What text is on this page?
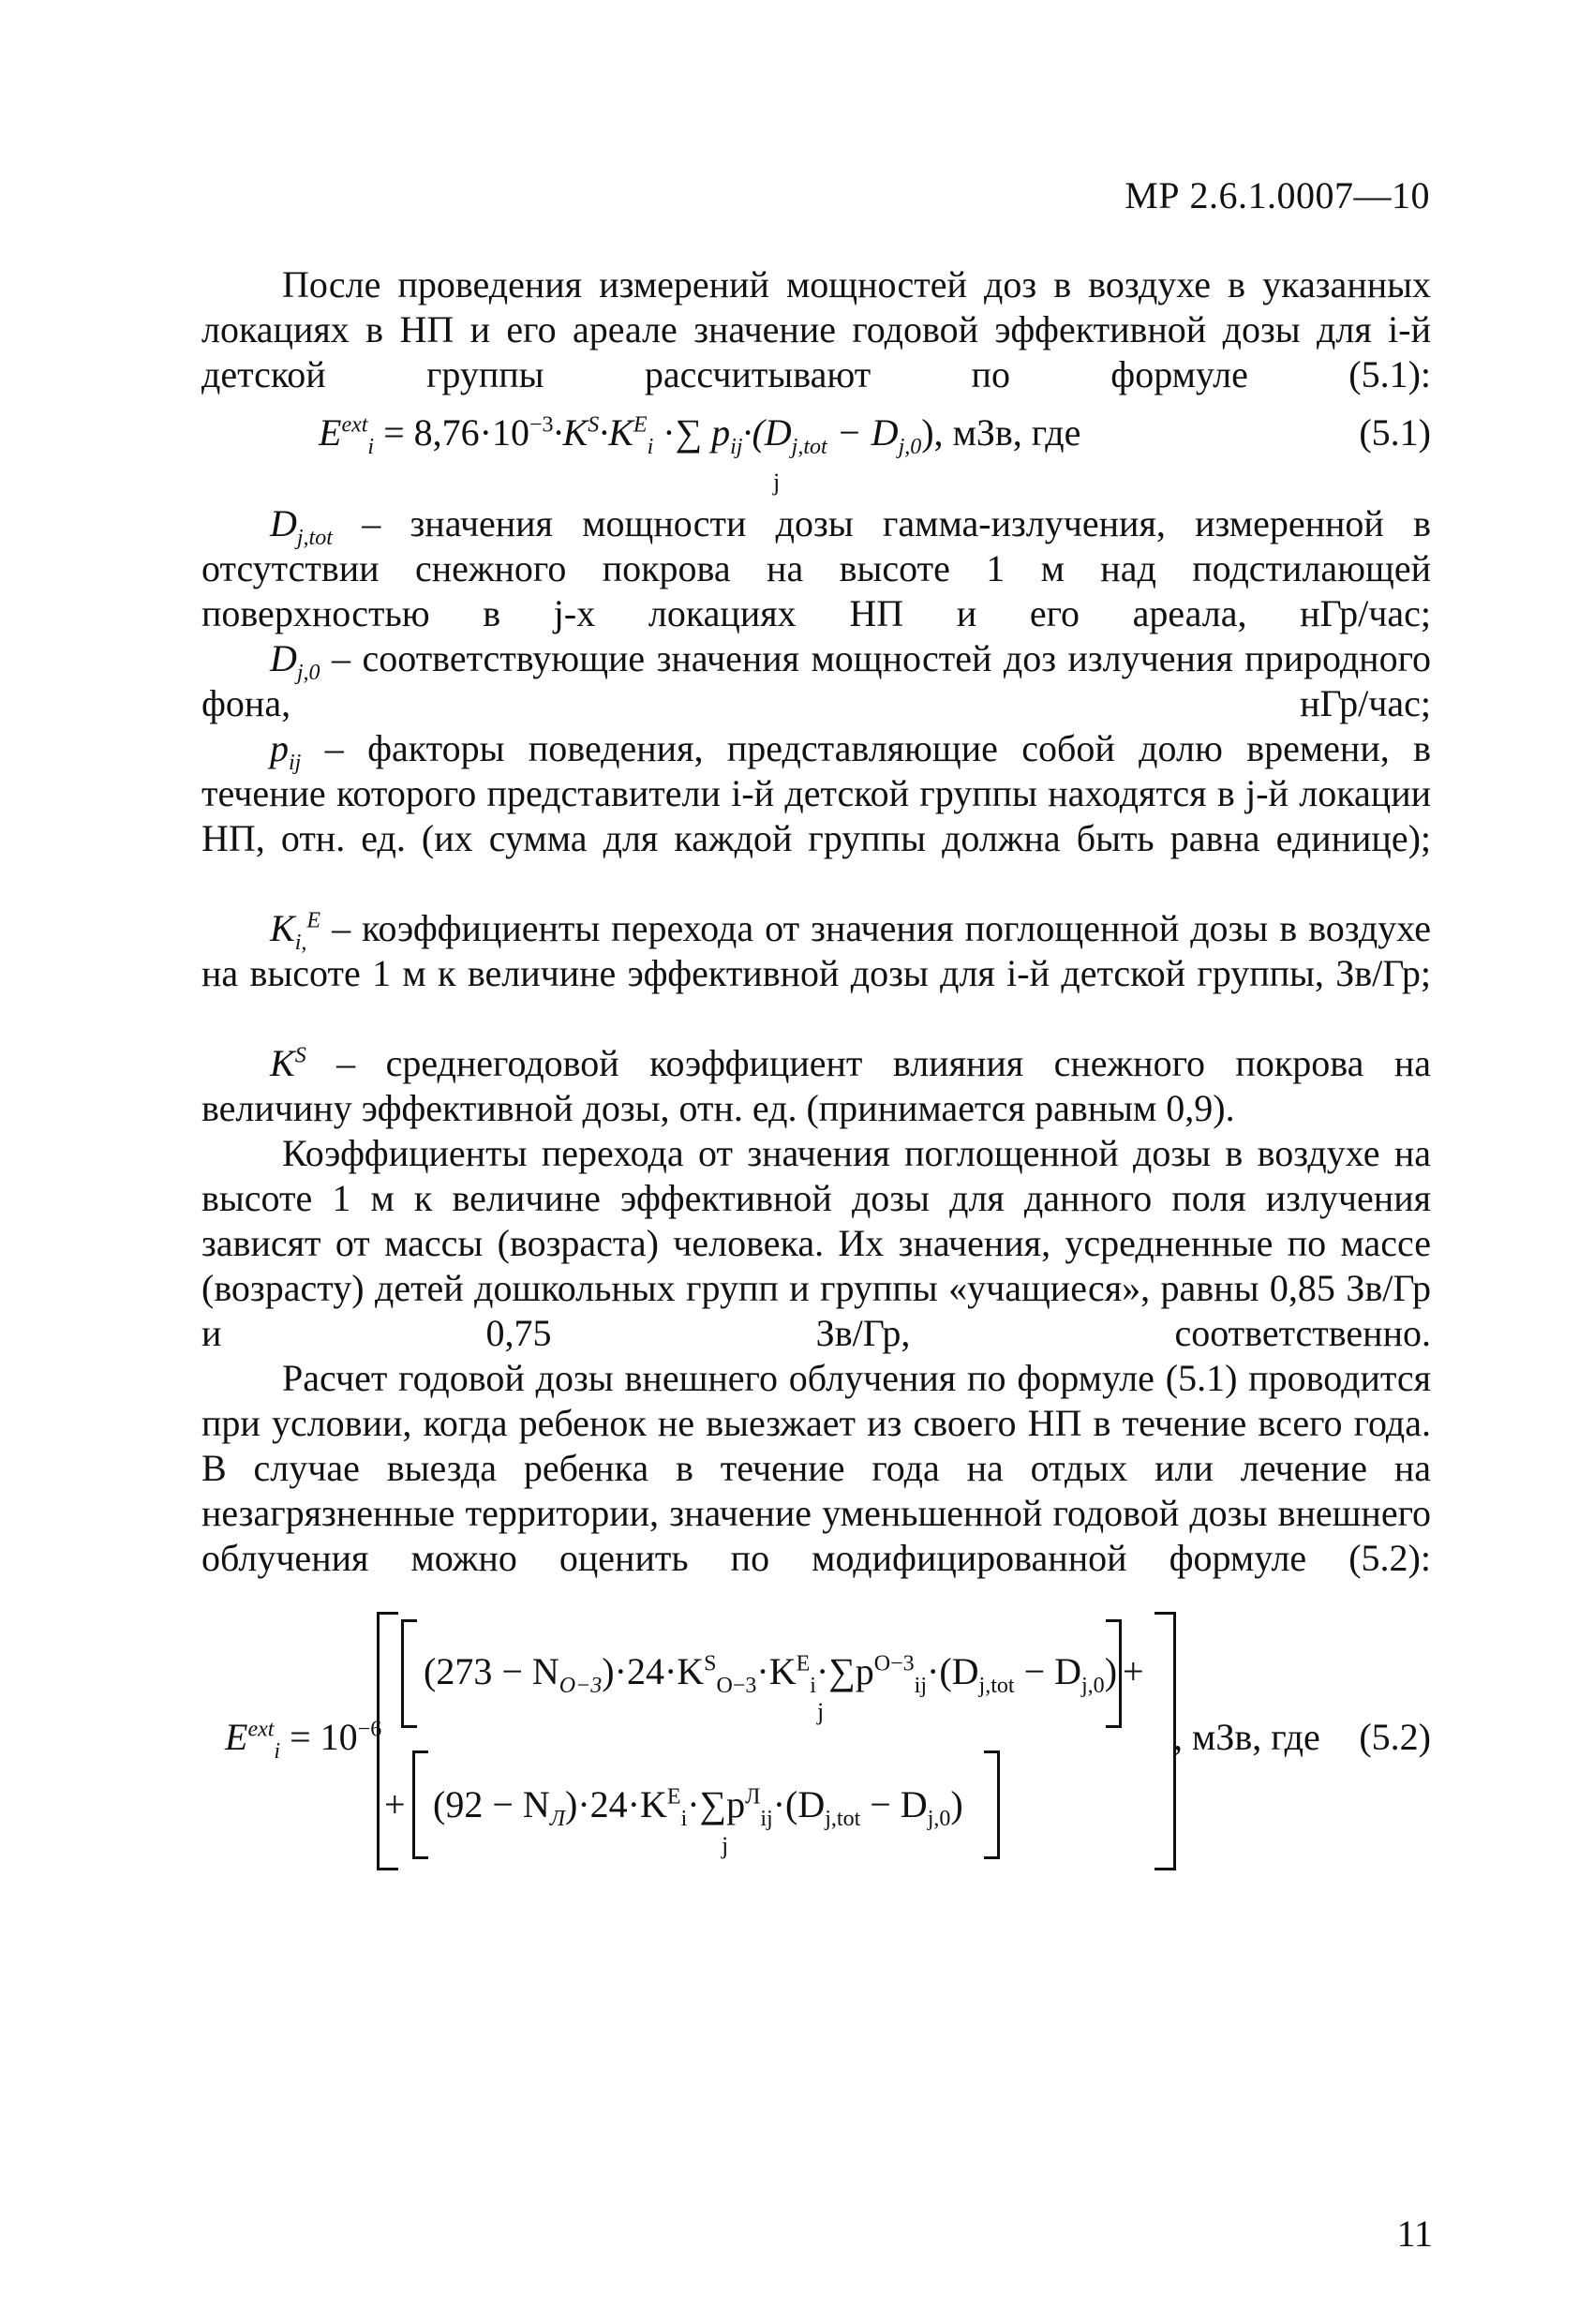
МР 2.6.1.0007—10
После проведения измерений мощностей доз в воздухе в указанных локациях в НП и его ареале значение годовой эффективной дозы для i-й детской группы рассчитывают по формуле (5.1):
$E^{ext}_i = 8,76\cdot 10^{-3}\cdot K^S\cdot K^E_i$ ·∑ $p_{ij}\cdot(D_{j,tot} - D_{j,0})$, мЗв, где
j
(5.1)
$D_{j,tot}$ – значения мощности дозы гамма-излучения, измеренной в отсутствии снежного покрова на высоте 1 м над подстилающей поверхностью в j-х локациях НП и его ареала, нГр/час;
$D_{j,0}$ – соответствующие значения мощностей доз излучения природного фона, нГр/час;
$p_{ij}$ – факторы поведения, представляющие собой долю времени, в течение которого представители i-й детской группы находятся в j-й локации НП, отн. ед. (их сумма для каждой группы должна быть равна единице);
$K_{i,}^E$ – коэффициенты перехода от значения поглощенной дозы в воздухе на высоте 1 м к величине эффективной дозы для i-й детской группы, Зв/Гр;
$K^S$ – среднегодовой коэффициент влияния снежного покрова на величину эффективной дозы, отн. ед. (принимается равным 0,9).
Коэффициенты перехода от значения поглощенной дозы в воздухе на высоте 1 м к величине эффективной дозы для данного поля излучения зависят от массы (возраста) человека. Их значения, усредненные по массе (возрасту) детей дошкольных групп и группы «учащиеся», равны 0,85 Зв/Гр и 0,75 Зв/Гр, соответственно.
Расчет годовой дозы внешнего облучения по формуле (5.1) проводится при условии, когда ребенок не выезжает из своего НП в течение всего года. В случае выезда ребенка в течение года на отдых или лечение на незагрязненные территории, значение уменьшенной годовой дозы внешнего облучения можно оценить по модифицированной формуле (5.2):
$E^{ext}_i = 10^{-6}$
$(273 - N_{O-3})\cdot 24\cdot K^S_{O-3}\cdot K^E_i\cdot\sum p^{O-3}_{ij}\cdot(D_{j,tot} - D_{j,0})$ +
j
+ $(92 - N_Л)\cdot 24\cdot K^E_i\cdot\sum p^Л_{ij}\cdot(D_{j,tot} - D_{j,0})$
j
, мЗв, где (5.2)
11
